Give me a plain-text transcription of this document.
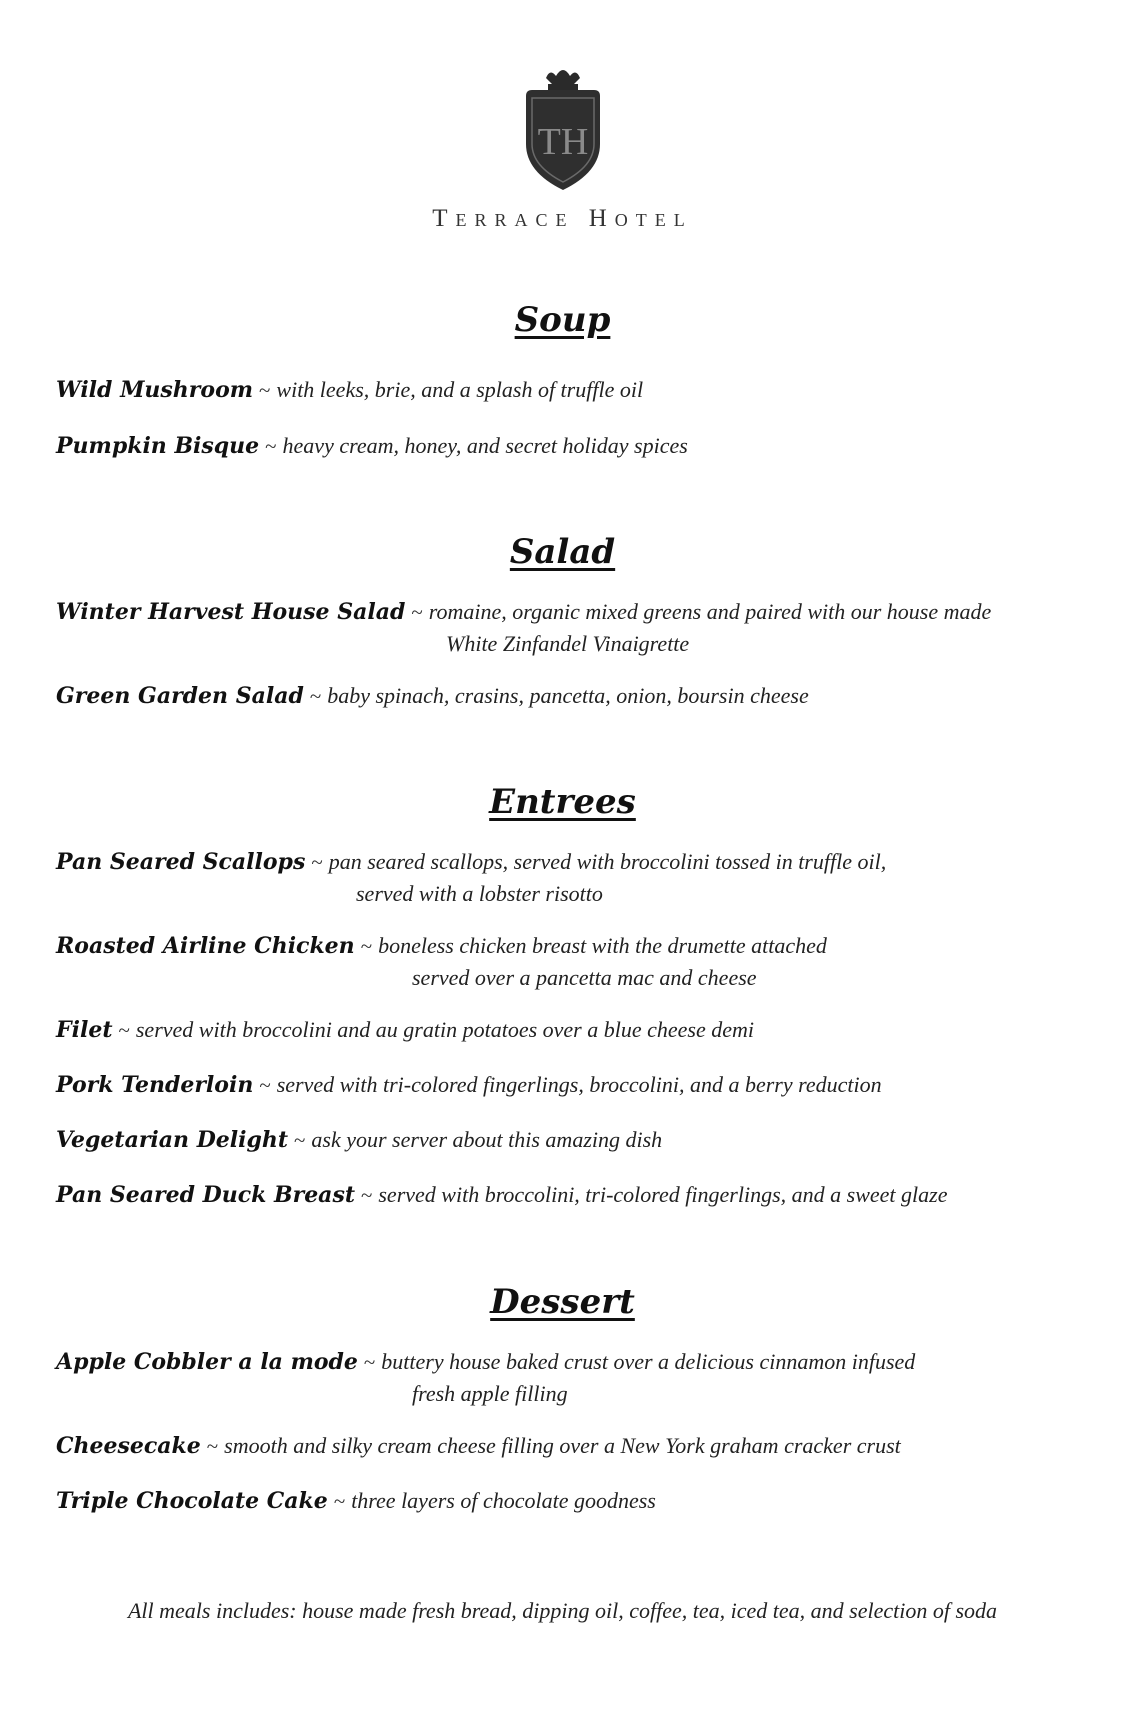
TH
Terrace Hotel
Soup
Wild Mushroom ~ with leeks, brie, and a splash of truffle oil
Pumpkin Bisque ~ heavy cream, honey, and secret holiday spices
Salad
Winter Harvest House Salad ~ romaine, organic mixed greens and paired with our house made
White Zinfandel Vinaigrette
Green Garden Salad ~ baby spinach, crasins, pancetta, onion, boursin cheese
Entrees
Pan Seared Scallops ~ pan seared scallops, served with broccolini tossed in truffle oil,
served with a lobster risotto
Roasted Airline Chicken ~ boneless chicken breast with the drumette attached
served over a pancetta mac and cheese
Filet ~ served with broccolini and au gratin potatoes over a blue cheese demi
Pork Tenderloin ~ served with tri-colored fingerlings, broccolini, and a berry reduction
Vegetarian Delight ~ ask your server about this amazing dish
Pan Seared Duck Breast ~ served with broccolini, tri-colored fingerlings, and a sweet glaze
Dessert
Apple Cobbler a la mode ~ buttery house baked crust over a delicious cinnamon infused
fresh apple filling
Cheesecake ~ smooth and silky cream cheese filling over a New York graham cracker crust
Triple Chocolate Cake ~ three layers of chocolate goodness
All meals includes: house made fresh bread, dipping oil, coffee, tea, iced tea, and selection of soda
